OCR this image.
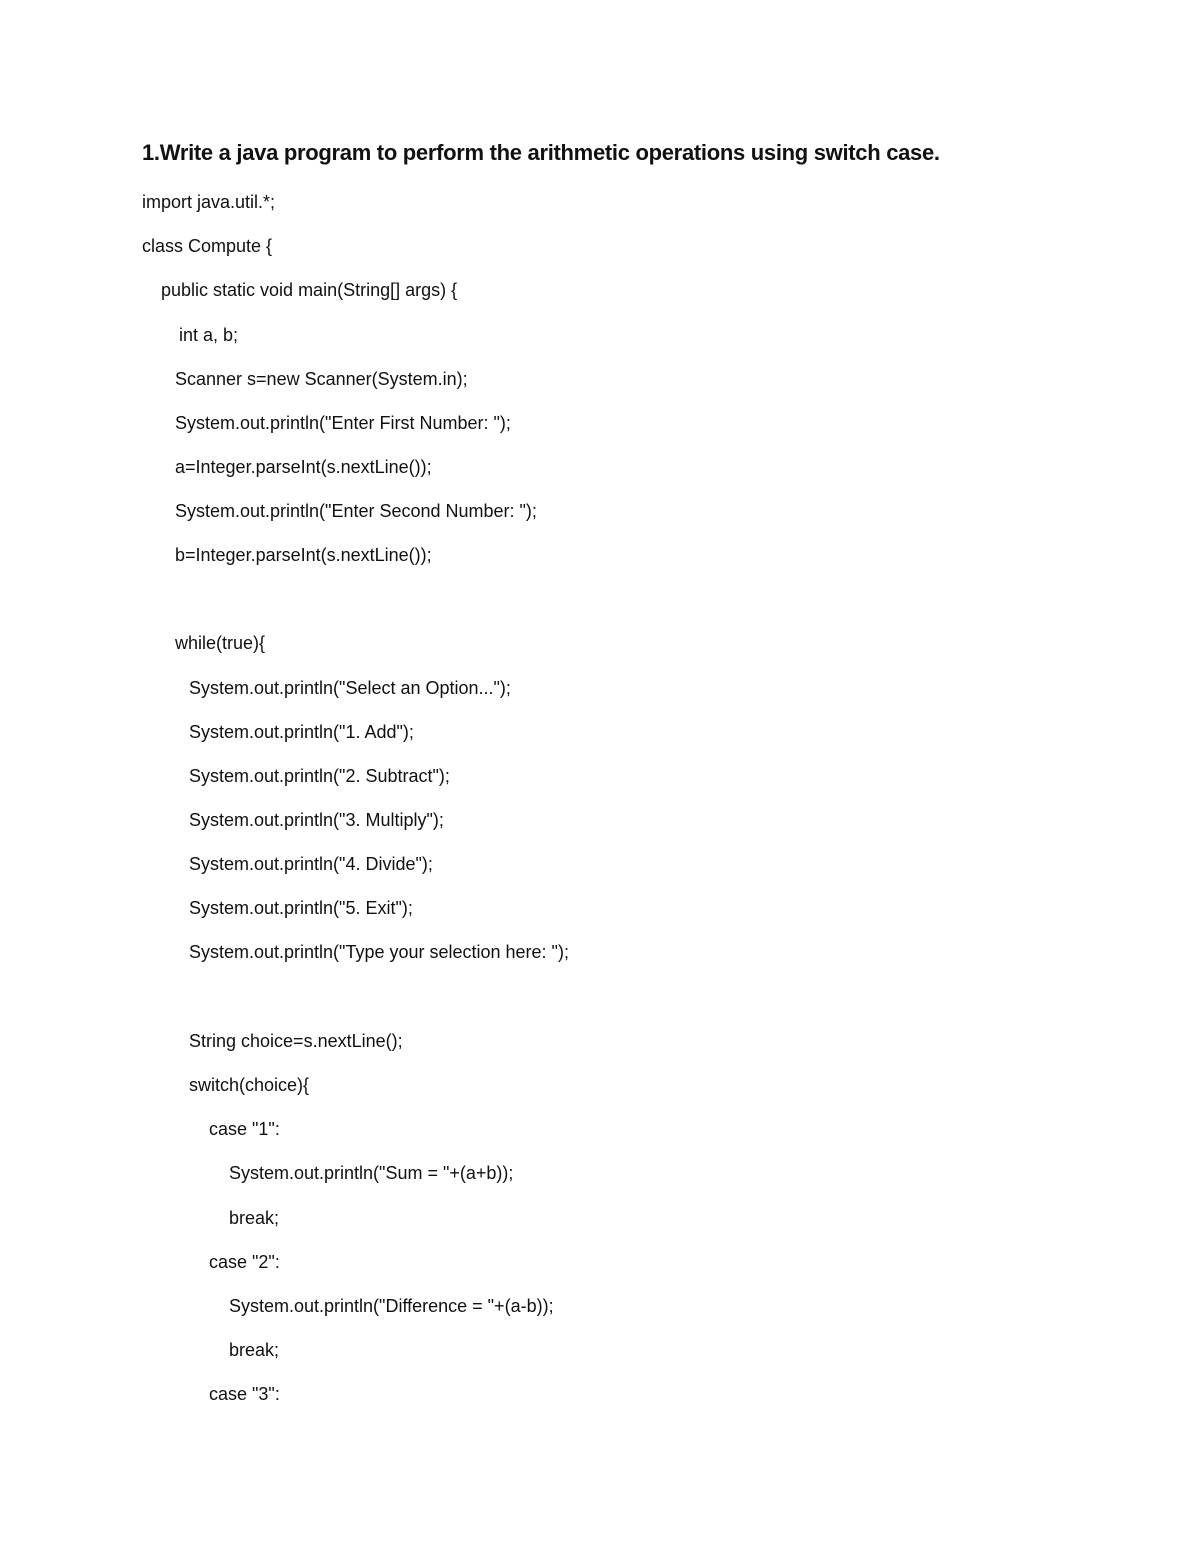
1.Write a java program to perform the arithmetic operations using switch case.
import java.util.*;
class Compute {
public static void main(String[] args) {
int a, b;
Scanner s=new Scanner(System.in);
System.out.println("Enter First Number: ");
a=Integer.parseInt(s.nextLine());
System.out.println("Enter Second Number: ");
b=Integer.parseInt(s.nextLine());
while(true){
System.out.println("Select an Option...");
System.out.println("1. Add");
System.out.println("2. Subtract");
System.out.println("3. Multiply");
System.out.println("4. Divide");
System.out.println("5. Exit");
System.out.println("Type your selection here: ");
String choice=s.nextLine();
switch(choice){
case "1":
System.out.println("Sum = "+(a+b));
break;
case "2":
System.out.println("Difference = "+(a-b));
break;
case "3":
